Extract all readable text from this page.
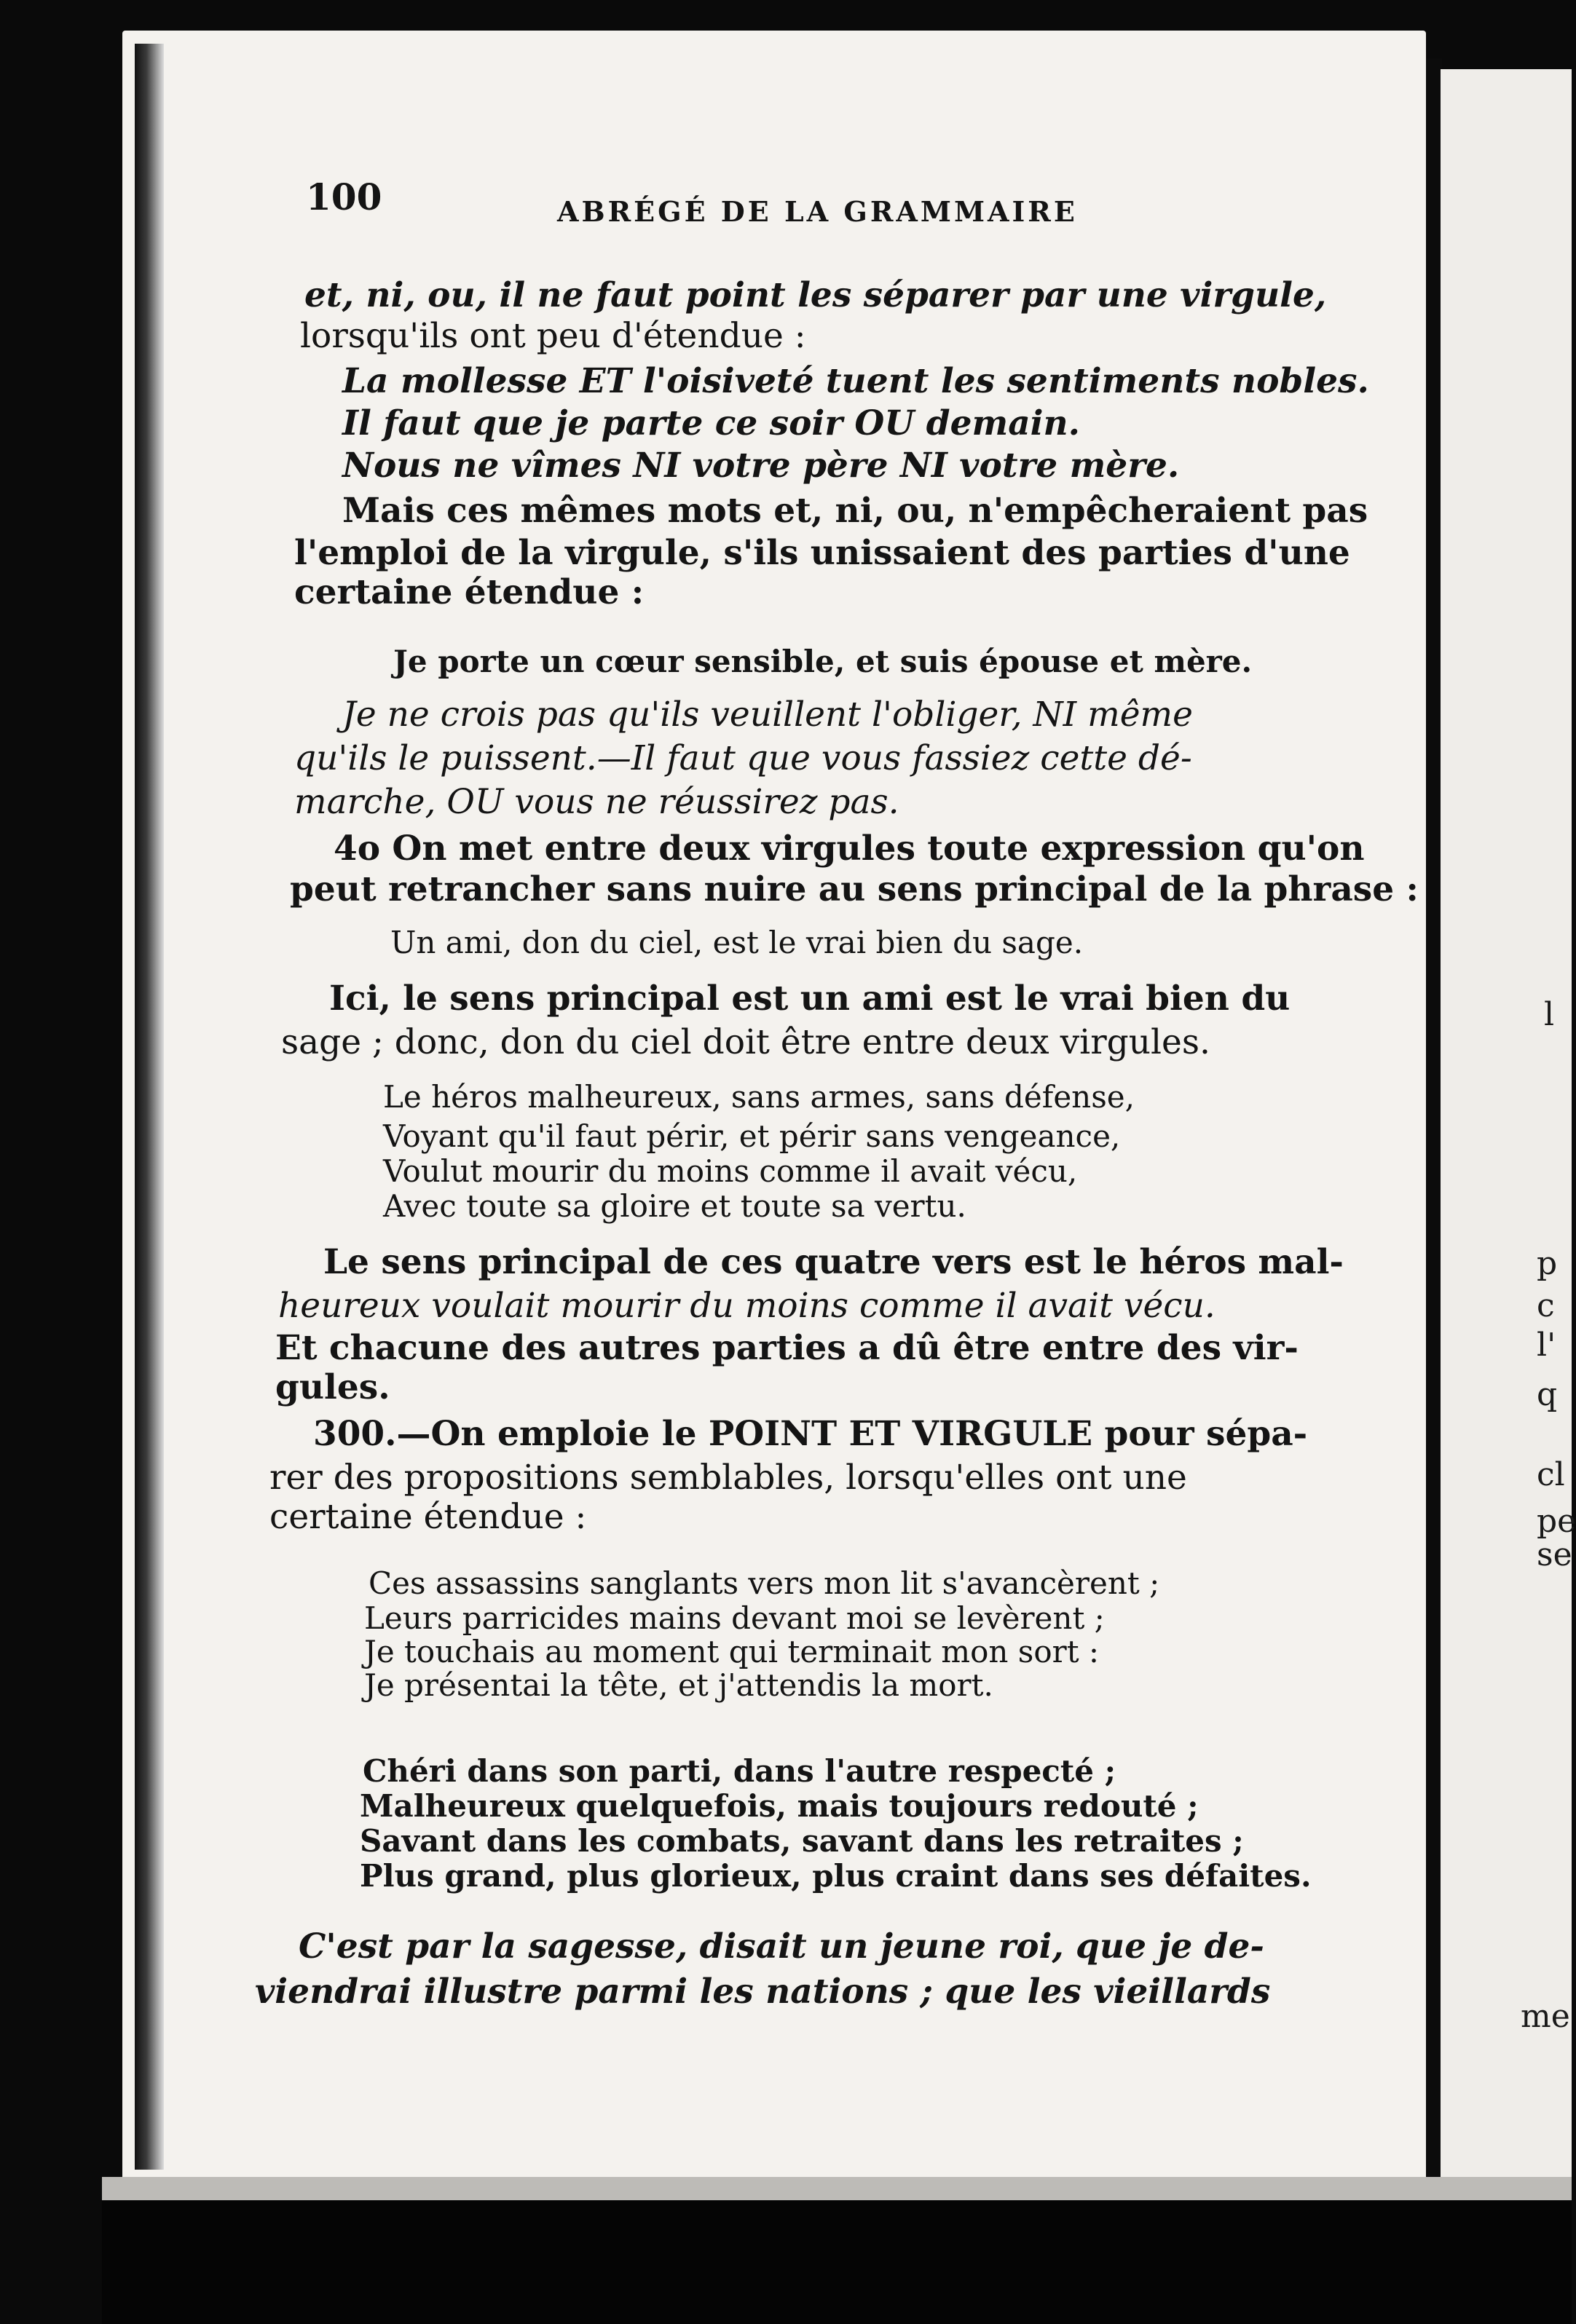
100	ABRÉGÉ DE LA GRAMMAIRE
et, ni, ou, il ne faut point les séparer par une virgule,
lorsqu'ils ont peu d'étendue :
La mollesse ET l'oisiveté tuent les sentiments nobles.
Il faut que je parte ce soir OU demain.
Nous ne vîmes NI votre père NI votre mère.
Mais ces mêmes mots et, ni, ou, n'empêcheraient pas
l'emploi de la virgule, s'ils unissaient des parties d'une
certaine étendue :
Je porte un cœur sensible, et suis épouse et mère.
Je ne crois pas qu'ils veuillent l'obliger, NI même
qu'ils le puissent.—Il faut que vous fassiez cette dé-
marche, OU vous ne réussirez pas.
4o On met entre deux virgules toute expression qu'on
peut retrancher sans nuire au sens principal de la phrase :
Un ami, don du ciel, est le vrai bien du sage.
Ici, le sens principal est un ami est le vrai bien du
sage ; donc, don du ciel doit être entre deux virgules.
Le héros malheureux, sans armes, sans défense,
Voyant qu'il faut périr, et périr sans vengeance,
Voulut mourir du moins comme il avait vécu,
Avec toute sa gloire et toute sa vertu.
Le sens principal de ces quatre vers est le héros mal-
heureux voulait mourir du moins comme il avait vécu.
Et chacune des autres parties a dû être entre des vir-
gules.
300.—On emploie le POINT ET VIRGULE pour sépa-
rer des propositions semblables, lorsqu'elles ont une
certaine étendue :
Ces assassins sanglants vers mon lit s'avancèrent ;
Leurs parricides mains devant moi se levèrent ;
Je touchais au moment qui terminait mon sort :
Je présentai la tête, et j'attendis la mort.
Chéri dans son parti, dans l'autre respecté ;
Malheureux quelquefois, mais toujours redouté ;
Savant dans les combats, savant dans les retraites ;
Plus grand, plus glorieux, plus craint dans ses défaites.
C'est par la sagesse, disait un jeune roi, que je de-
viendrai illustre parmi les nations ; que les vieillards
l
p
c
l'
q
cl
pe
se
me
